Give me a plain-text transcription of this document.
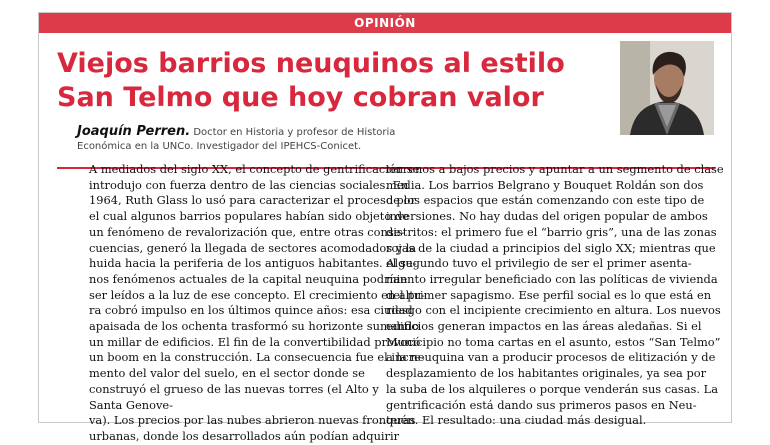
OPINIÓN
Viejos barrios neuquinos al estilo
San Telmo que hoy cobran valor
Joaquín Perren. Doctor en Historia y profesor de Historia
Económica en la UNCo. Investigador del IPEHCS-Conicet.
A mediados del siglo XX, el concepto de gentrificación se
introdujo con fuerza dentro de las ciencias sociales. En
1964, Ruth Glass lo usó para caracterizar el proceso por
el cual algunos barrios populares habían sido objeto de
un fenómeno de revalorización que, entre otras conse-
cuencias, generó la llegada de sectores acomodados y la
huida hacia la periferia de los antiguos habitantes. Algu-
nos fenómenos actuales de la capital neuquina podrían
ser leídos a la luz de ese concepto. El crecimiento en altu-
ra cobró impulso en los últimos quince años: esa ciudad
apaisada de los ochenta trasformó su horizonte sumando
un millar de edificios. El fin de la convertibilidad provocó
un boom en la construcción. La consecuencia fue el incre-
mento del valor del suelo, en el sector donde se construyó el grueso de las nuevas torres (el Alto y Santa Genove-
va). Los precios por las nubes abrieron nuevas fronteras
urbanas, donde los desarrollados aún podían adquirir
terrenos a bajos precios y apuntar a un segmento de clase
media. Los barrios Belgrano y Bouquet Roldán son dos
de los espacios que están comenzando con este tipo de
inversiones. No hay dudas del origen popular de ambos
distritos: el primero fue el “barrio gris”, una de las zonas
rojas de la ciudad a principios del siglo XX; mientras que
el segundo tuvo el privilegio de ser el primer asenta-
miento irregular beneficiado con las políticas de vivienda
del primer sapagismo. Ese perfil social es lo que está en
riesgo con el incipiente crecimiento en altura. Los nuevos
edificios generan impactos en las áreas aledañas. Si el
Municipio no toma cartas en el asunto, estos “San Telmo”
a la neuquina van a producir procesos de elitización y de
desplazamiento de los habitantes originales, ya sea por
la suba de los alquileres o porque venderán sus casas. La
gentrificación está dando sus primeros pasos en Neu-
quén. El resultado: una ciudad más desigual.
